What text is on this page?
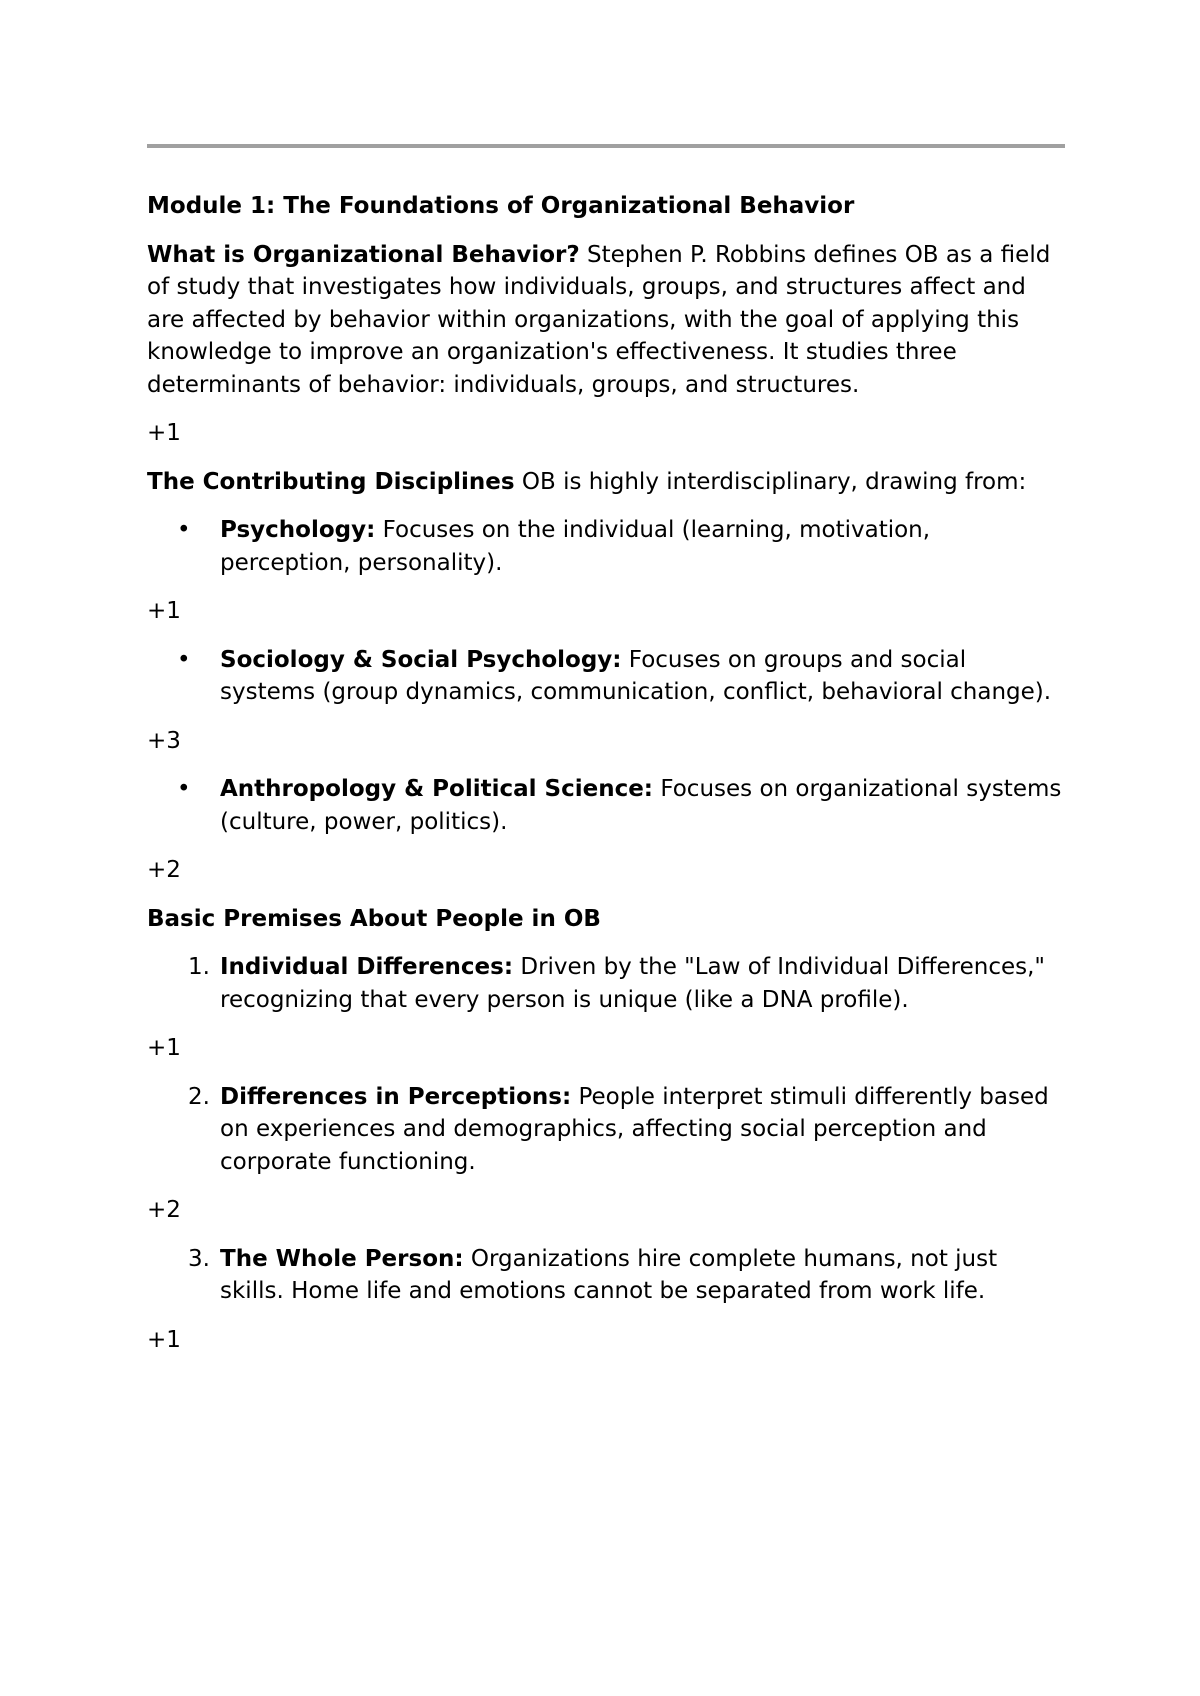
Module 1: The Foundations of Organizational Behavior

What is Organizational Behavior? Stephen P. Robbins defines OB as a field of study that investigates how individuals, groups, and structures affect and are affected by behavior within organizations, with the goal of applying this knowledge to improve an organization's effectiveness. It studies three determinants of behavior: individuals, groups, and structures.

+1

The Contributing Disciplines OB is highly interdisciplinary, drawing from:

•	Psychology: Focuses on the individual (learning, motivation, perception, personality).

+1

•	Sociology & Social Psychology: Focuses on groups and social systems (group dynamics, communication, conflict, behavioral change).

+3

•	Anthropology & Political Science: Focuses on organizational systems (culture, power, politics).

+2

Basic Premises About People in OB

1. Individual Differences: Driven by the "Law of Individual Differences," recognizing that every person is unique (like a DNA profile).

+1

2. Differences in Perceptions: People interpret stimuli differently based on experiences and demographics, affecting social perception and corporate functioning.

+2

3. The Whole Person: Organizations hire complete humans, not just skills. Home life and emotions cannot be separated from work life.

+1
